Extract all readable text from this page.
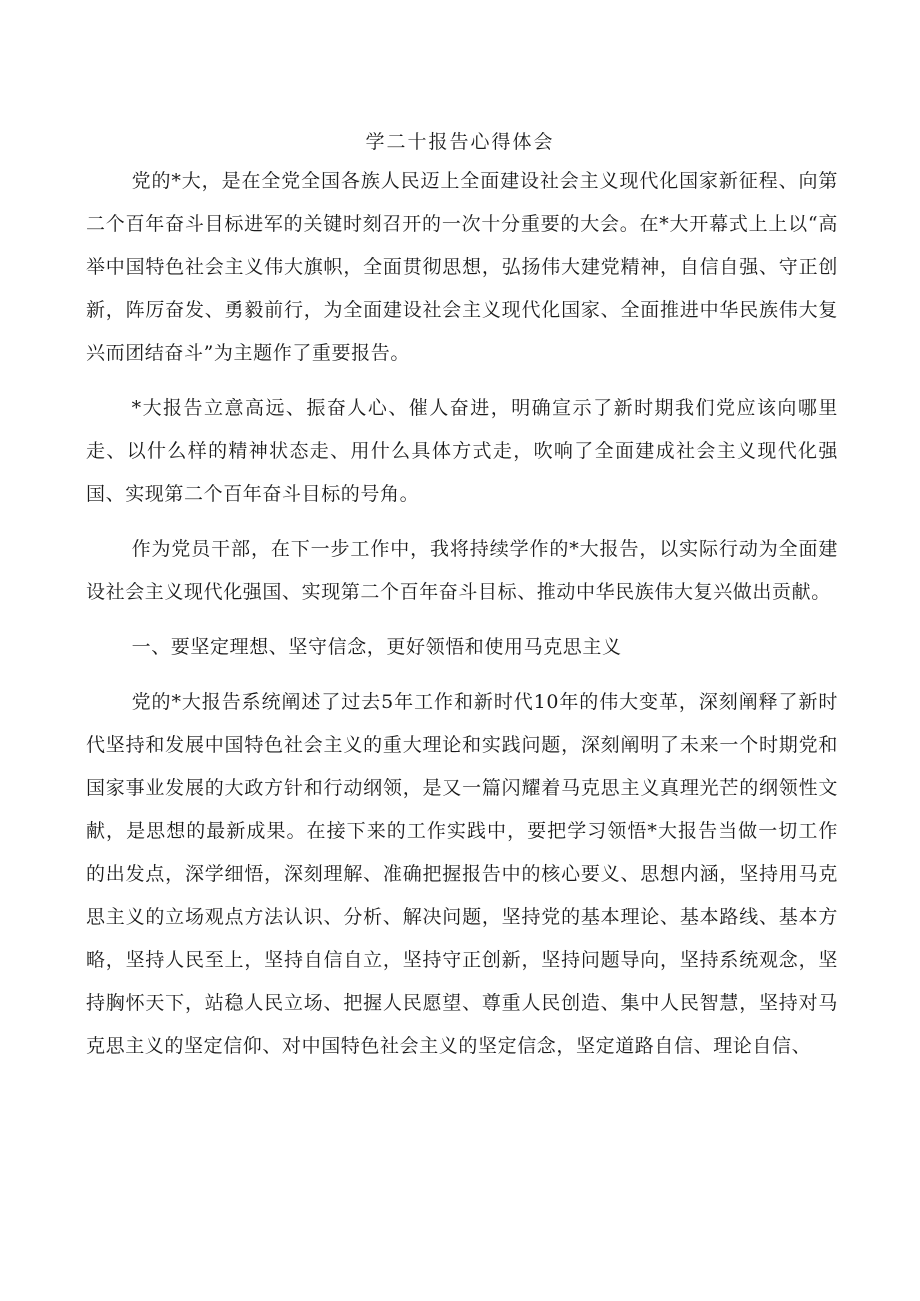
学二十报告心得体会

党的*大，是在全党全国各族人民迈上全面建设社会主义现代化国家新征程、向第二个百年奋斗目标进军的关键时刻召开的一次十分重要的大会。在*大开幕式上上以“高举中国特色社会主义伟大旗帜，全面贯彻思想，弘扬伟大建党精神，自信自强、守正创新，阵厉奋发、勇毅前行，为全面建设社会主义现代化国家、全面推进中华民族伟大复兴而团结奋斗”为主题作了重要报告。

*大报告立意高远、振奋人心、催人奋进，明确宣示了新时期我们党应该向哪里走、以什么样的精神状态走、用什么具体方式走，吹响了全面建成社会主义现代化强国、实现第二个百年奋斗目标的号角。

作为党员干部，在下一步工作中，我将持续学作的*大报告，以实际行动为全面建设社会主义现代化强国、实现第二个百年奋斗目标、推动中华民族伟大复兴做出贡献。

一、要坚定理想、坚守信念，更好领悟和使用马克思主义

党的*大报告系统阐述了过去5年工作和新时代10年的伟大变革，深刻阐释了新时代坚持和发展中国特色社会主义的重大理论和实践问题，深刻阐明了未来一个时期党和国家事业发展的大政方针和行动纲领，是又一篇闪耀着马克思主义真理光芒的纲领性文献，是思想的最新成果。在接下来的工作实践中，要把学习领悟*大报告当做一切工作的出发点，深学细悟，深刻理解、准确把握报告中的核心要义、思想内涵，坚持用马克思主义的立场观点方法认识、分析、解决问题，坚持党的基本理论、基本路线、基本方略，坚持人民至上，坚持自信自立，坚持守正创新，坚持问题导向，坚持系统观念，坚持胸怀天下，站稳人民立场、把握人民愿望、尊重人民创造、集中人民智慧，坚持对马克思主义的坚定信仰、对中国特色社会主义的坚定信念，坚定道路自信、理论自信、
